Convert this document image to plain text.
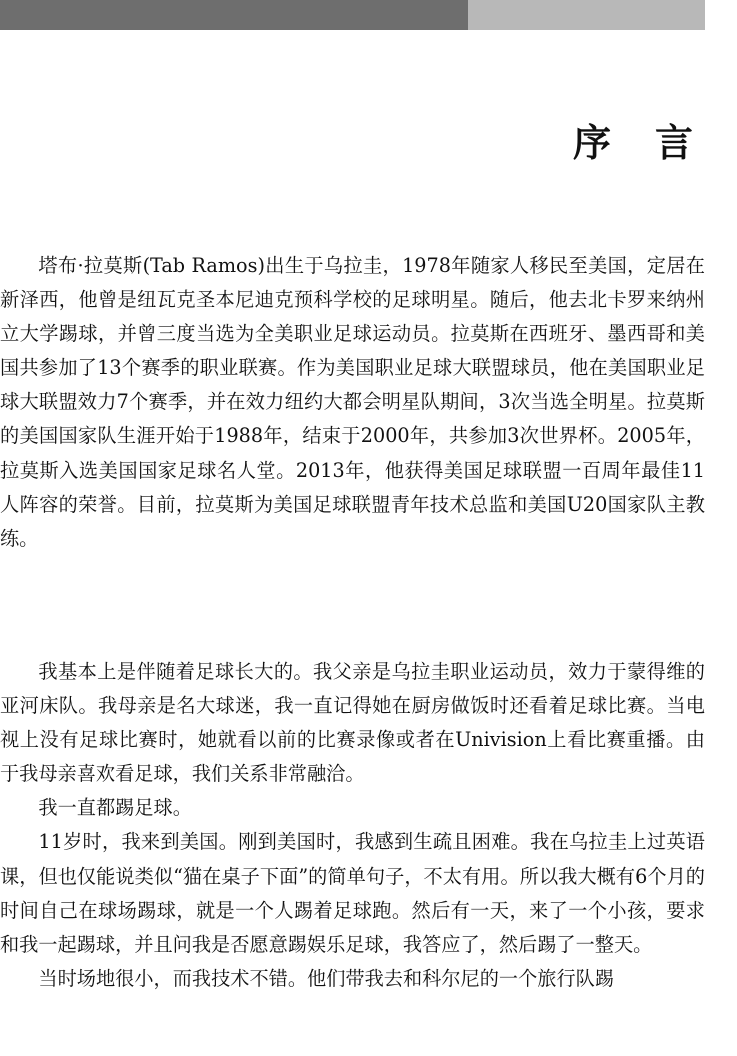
序言

塔布·拉莫斯(Tab Ramos)出生于乌拉圭，1978年随家人移民至美国，定居在新泽西，他曾是纽瓦克圣本尼迪克预科学校的足球明星。随后，他去北卡罗来纳州立大学踢球，并曾三度当选为全美职业足球运动员。拉莫斯在西班牙、墨西哥和美国共参加了13个赛季的职业联赛。作为美国职业足球大联盟球员，他在美国职业足球大联盟效力7个赛季，并在效力纽约大都会明星队期间，3次当选全明星。拉莫斯的美国国家队生涯开始于1988年，结束于2000年，共参加3次世界杯。2005年，拉莫斯入选美国国家足球名人堂。2013年，他获得美国足球联盟一百周年最佳11人阵容的荣誉。目前，拉莫斯为美国足球联盟青年技术总监和美国U20国家队主教练。

我基本上是伴随着足球长大的。我父亲是乌拉圭职业运动员，效力于蒙得维的亚河床队。我母亲是名大球迷，我一直记得她在厨房做饭时还看着足球比赛。当电视上没有足球比赛时，她就看以前的比赛录像或者在Univision上看比赛重播。由于我母亲喜欢看足球，我们关系非常融洽。

我一直都踢足球。

11岁时，我来到美国。刚到美国时，我感到生疏且困难。我在乌拉圭上过英语课，但也仅能说类似“猫在桌子下面”的简单句子，不太有用。所以我大概有6个月的时间自己在球场踢球，就是一个人踢着足球跑。然后有一天，来了一个小孩，要求和我一起踢球，并且问我是否愿意踢娱乐足球，我答应了，然后踢了一整天。

当时场地很小，而我技术不错。他们带我去和科尔尼的一个旅行队踢
